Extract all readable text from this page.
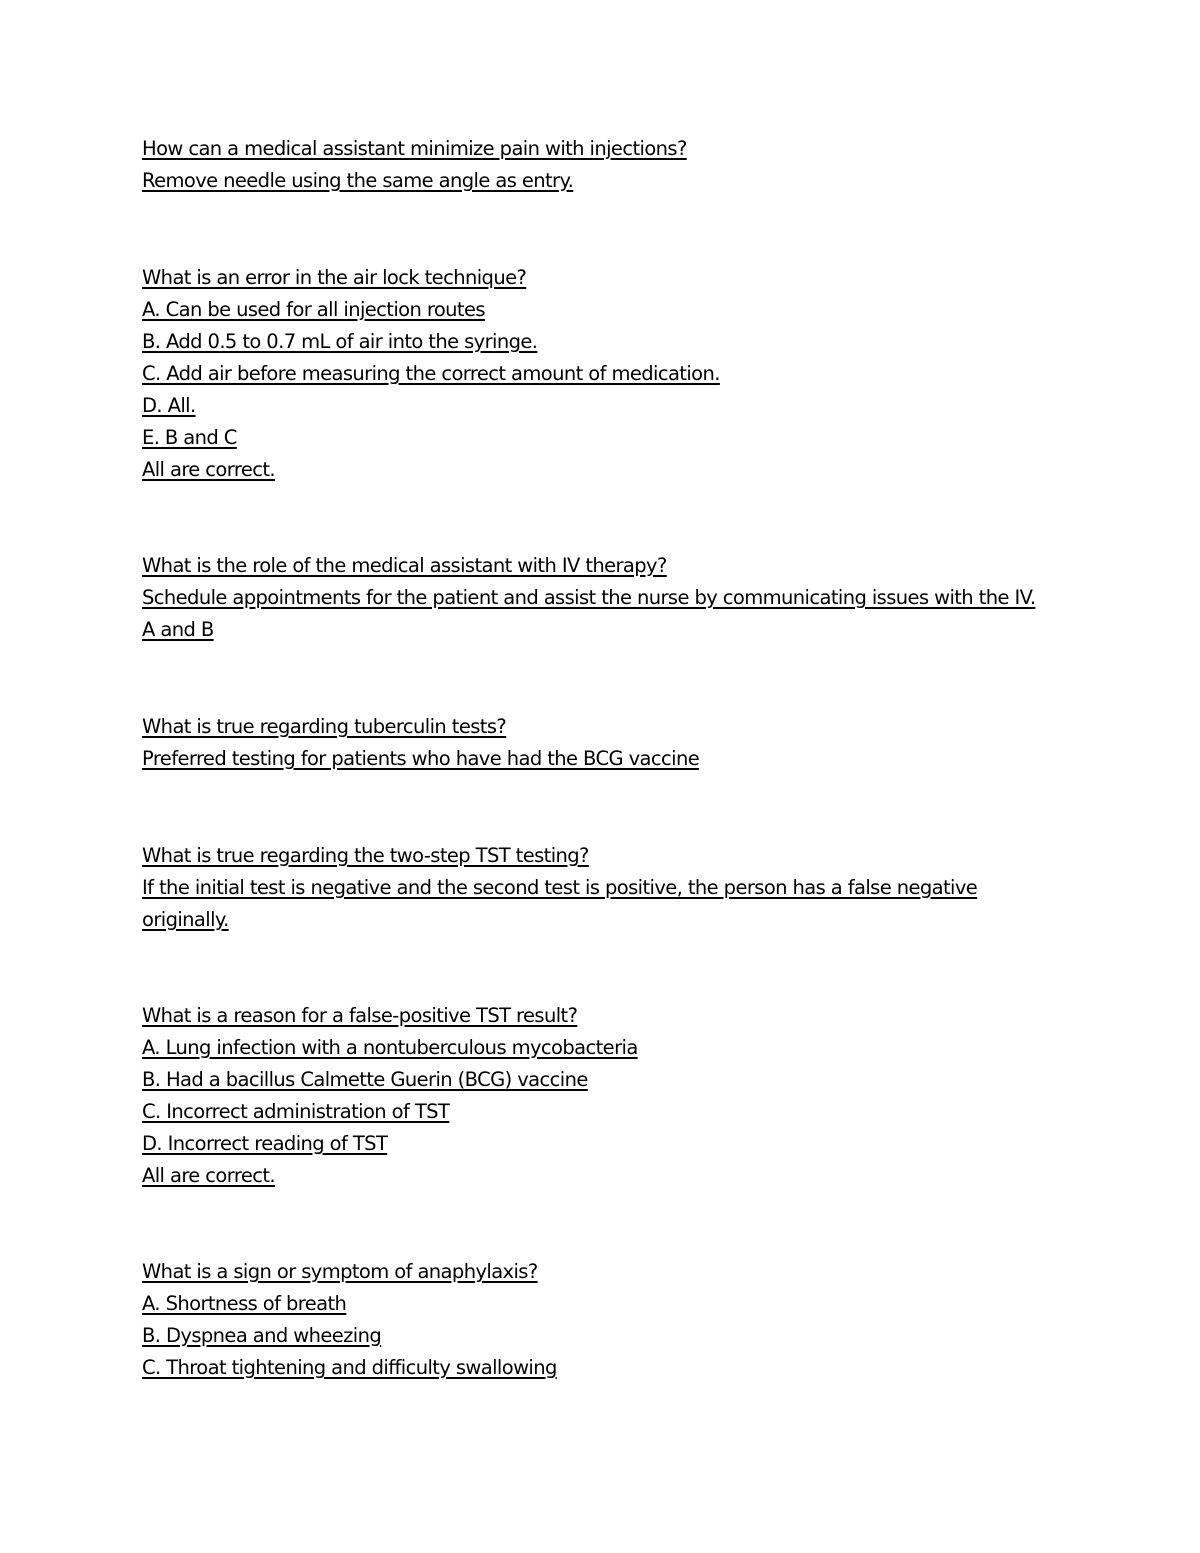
How can a medical assistant minimize pain with injections?
Remove needle using the same angle as entry.
What is an error in the air lock technique?
A. Can be used for all injection routes
B. Add 0.5 to 0.7 mL of air into the syringe.
C. Add air before measuring the correct amount of medication.
D. All.
E. B and C
All are correct.
What is the role of the medical assistant with IV therapy?
Schedule appointments for the patient and assist the nurse by communicating issues with the IV.
A and B
What is true regarding tuberculin tests?
Preferred testing for patients who have had the BCG vaccine
What is true regarding the two-step TST testing?
If the initial test is negative and the second test is positive, the person has a false negative
originally.
What is a reason for a false-positive TST result?
A. Lung infection with a nontuberculous mycobacteria
B. Had a bacillus Calmette Guerin (BCG) vaccine
C. Incorrect administration of TST
D. Incorrect reading of TST
All are correct.
What is a sign or symptom of anaphylaxis?
A. Shortness of breath
B. Dyspnea and wheezing
C. Throat tightening and difficulty swallowing
